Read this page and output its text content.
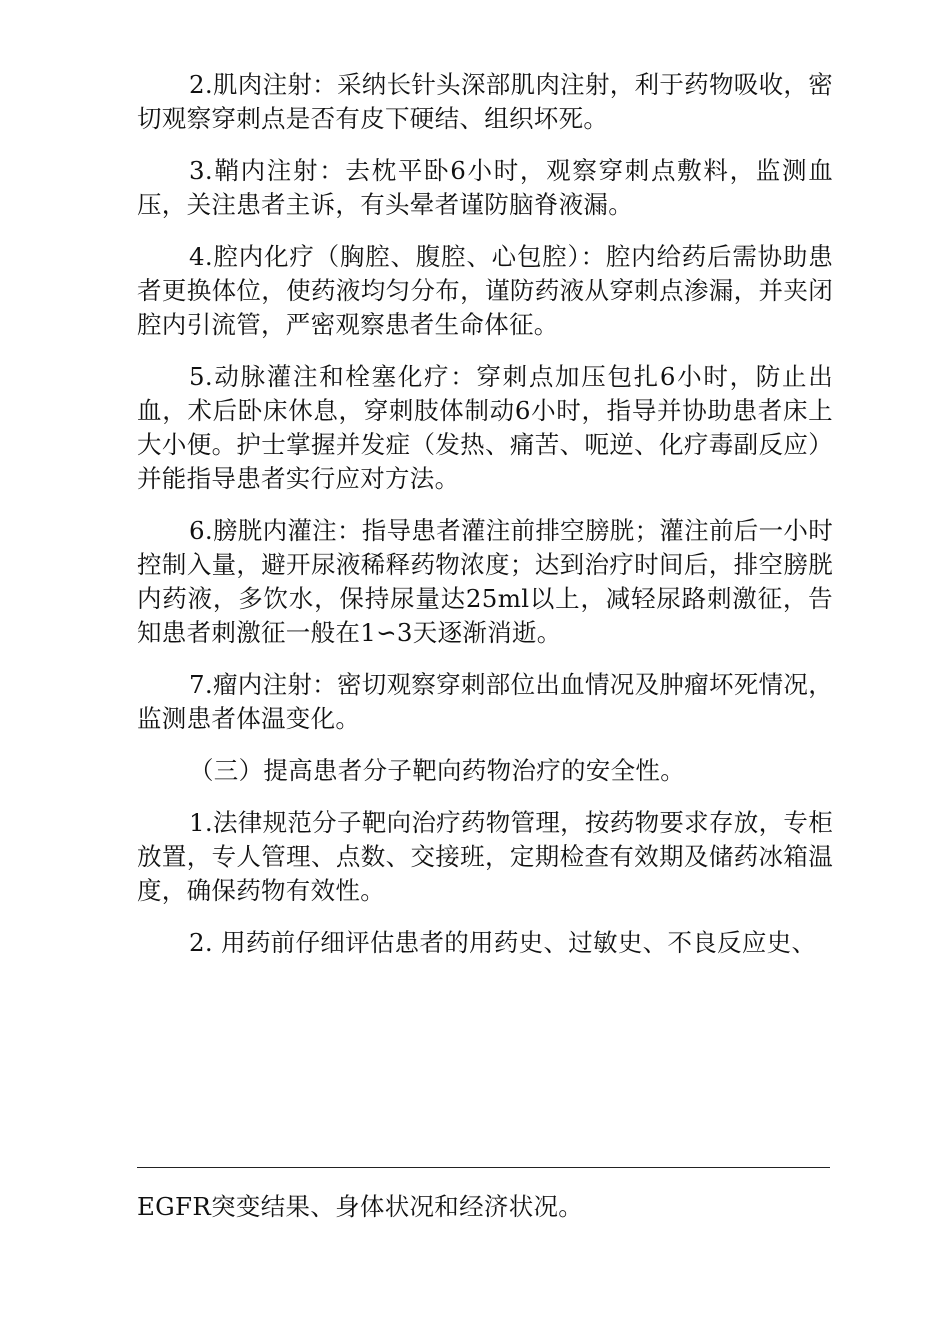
2.肌肉注射：采纳长针头深部肌肉注射，利于药物吸收，密切观察穿刺点是否有皮下硬结、组织坏死。

3.鞘内注射：去枕平卧6小时，观察穿刺点敷料，监测血压，关注患者主诉，有头晕者谨防脑脊液漏。

4.腔内化疗（胸腔、腹腔、心包腔）：腔内给药后需协助患者更换体位，使药液均匀分布，谨防药液从穿刺点渗漏，并夹闭腔内引流管，严密观察患者生命体征。

5.动脉灌注和栓塞化疗：穿刺点加压包扎6小时，防止出血，术后卧床休息，穿刺肢体制动6小时，指导并协助患者床上大小便。护士掌握并发症（发热、痛苦、呃逆、化疗毒副反应）并能指导患者实行应对方法。

6.膀胱内灌注：指导患者灌注前排空膀胱；灌注前后一小时控制入量，避开尿液稀释药物浓度；达到治疗时间后，排空膀胱内药液，多饮水，保持尿量达25ml以上，减轻尿路刺激征，告知患者刺激征一般在1∽3天逐渐消逝。

7.瘤内注射：密切观察穿刺部位出血情况及肿瘤坏死情况，监测患者体温变化。

（三）提高患者分子靶向药物治疗的安全性。

1.法律规范分子靶向治疗药物管理，按药物要求存放，专柜放置，专人管理、点数、交接班，定期检查有效期及储药冰箱温度，确保药物有效性。

2. 用药前仔细评估患者的用药史、过敏史、不良反应史、

EGFR突变结果、身体状况和经济状况。
